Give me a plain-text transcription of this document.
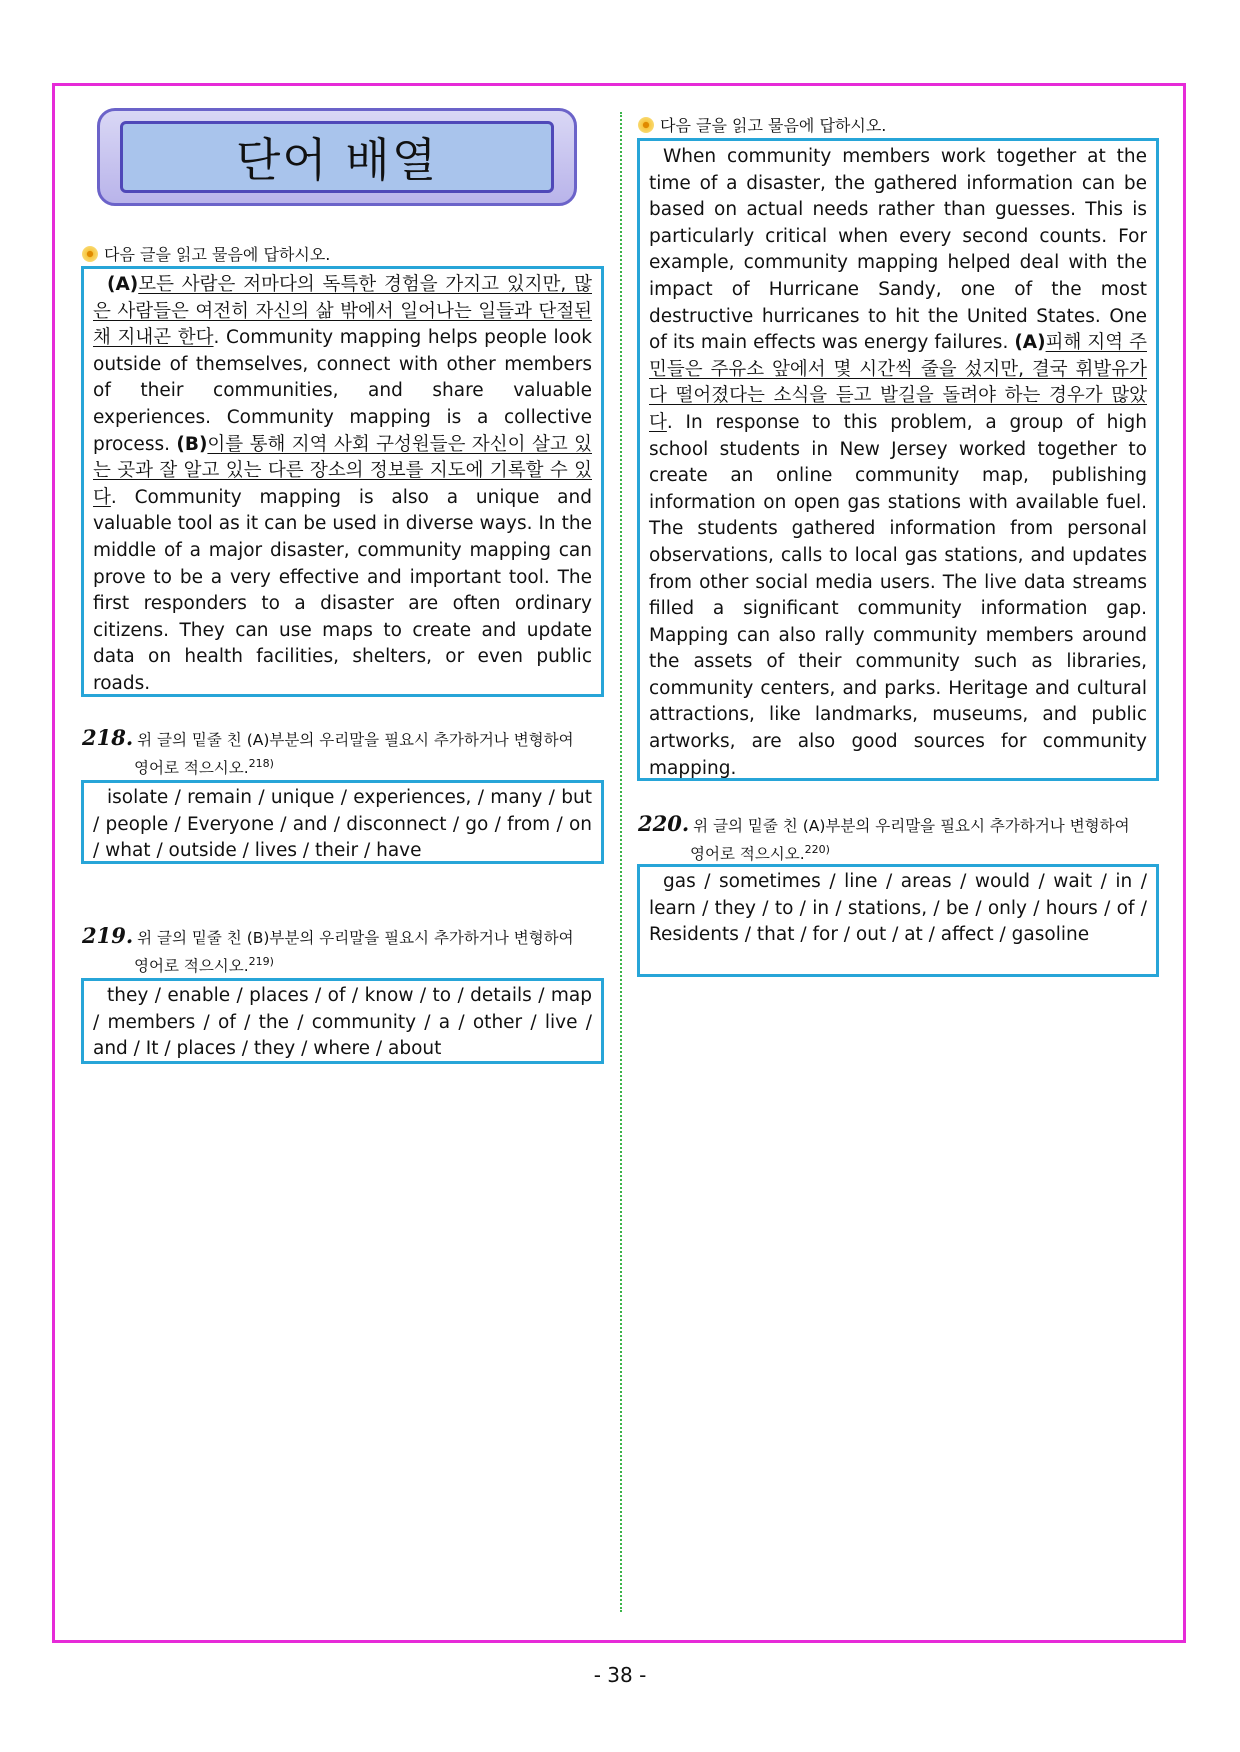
단어 배열
다음 글을 읽고 물음에 답하시오.

(A)모든 사람은 저마다의 독특한 경험을 가지고 있지만, 많은 사람들은 여전히 자신의 삶 밖에서 일어나는 일들과 단절된 채 지내곤 한다. Community mapping helps people look outside of themselves, connect with other members of their communities, and share valuable experiences. Community mapping is a collective process. (B)이를 통해 지역 사회 구성원들은 자신이 살고 있는 곳과 잘 알고 있는 다른 장소의 정보를 지도에 기록할 수 있다. Community mapping is also a unique and valuable tool as it can be used in diverse ways. In the middle of a major disaster, community mapping can prove to be a very effective and important tool. The first responders to a disaster are often ordinary citizens. They can use maps to create and update data on health facilities, shelters, or even public roads.

218. 위 글의 밑줄 친 (A)부분의 우리말을 필요시 추가하거나 변형하여
영어로 적으시오.$^{218)}$

isolate / remain / unique / experiences, / many / but / people / Everyone / and / disconnect / go / from / on / what / outside / lives / their / have

219. 위 글의 밑줄 친 (B)부분의 우리말을 필요시 추가하거나 변형하여
영어로 적으시오.$^{219)}$

they / enable / places / of / know / to / details / map / members / of / the / community / a / other / live / and / It / places / they / where / about

다음 글을 읽고 물음에 답하시오.

When community members work together at the time of a disaster, the gathered information can be based on actual needs rather than guesses. This is particularly critical when every second counts. For example, community mapping helped deal with the impact of Hurricane Sandy, one of the most destructive hurricanes to hit the United States. One of its main effects was energy failures. (A)피해 지역 주민들은 주유소 앞에서 몇 시간씩 줄을 섰지만, 결국 휘발유가 다 떨어졌다는 소식을 듣고 발길을 돌려야 하는 경우가 많았다. In response to this problem, a group of high school students in New Jersey worked together to create an online community map, publishing information on open gas stations with available fuel. The students gathered information from personal observations, calls to local gas stations, and updates from other social media users. The live data streams filled a significant community information gap. Mapping can also rally community members around the assets of their community such as libraries, community centers, and parks. Heritage and cultural attractions, like landmarks, museums, and public artworks, are also good sources for community mapping.

220. 위 글의 밑줄 친 (A)부분의 우리말을 필요시 추가하거나 변형하여
영어로 적으시오.$^{220)}$

gas / sometimes / line / areas / would / wait / in / learn / they / to / in / stations, / be / only / hours / of / Residents / that / for / out / at / affect / gasoline

- 38 -
